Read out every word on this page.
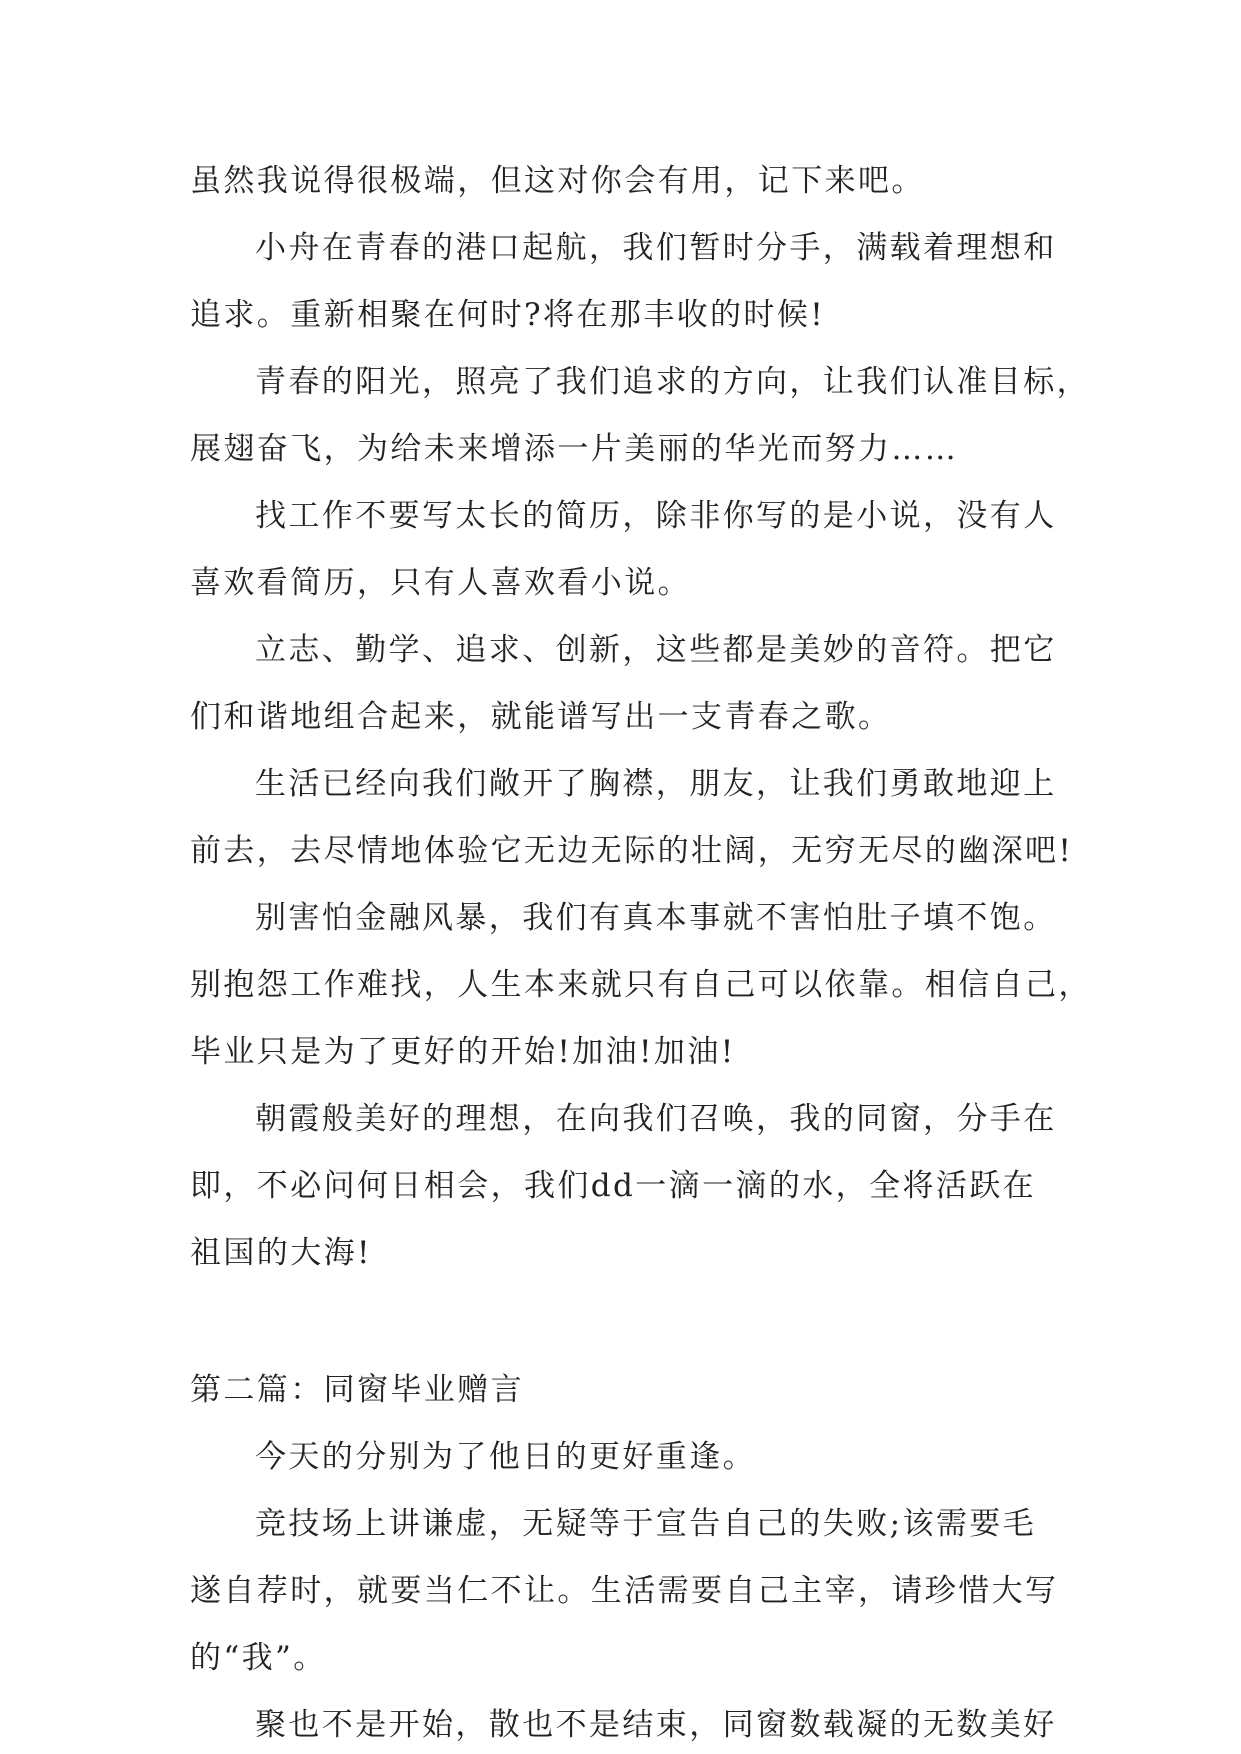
虽然我说得很极端，但这对你会有用，记下来吧。

小舟在青春的港口起航，我们暂时分手，满载着理想和

追求。重新相聚在何时?将在那丰收的时候!

青春的阳光，照亮了我们追求的方向，让我们认准目标，

展翅奋飞，为给未来增添一片美丽的华光而努力……

找工作不要写太长的简历，除非你写的是小说，没有人

喜欢看简历，只有人喜欢看小说。

立志、勤学、追求、创新，这些都是美妙的音符。把它

们和谐地组合起来，就能谱写出一支青春之歌。

生活已经向我们敞开了胸襟，朋友，让我们勇敢地迎上

前去，去尽情地体验它无边无际的壮阔，无穷无尽的幽深吧!

别害怕金融风暴，我们有真本事就不害怕肚子填不饱。

别抱怨工作难找，人生本来就只有自己可以依靠。相信自己，

毕业只是为了更好的开始!加油!加油!

朝霞般美好的理想，在向我们召唤，我的同窗，分手在

即，不必问何日相会，我们dd一滴一滴的水，全将活跃在

祖国的大海!

第二篇：同窗毕业赠言

今天的分别为了他日的更好重逢。

竞技场上讲谦虚，无疑等于宣告自己的失败;该需要毛

遂自荐时，就要当仁不让。生活需要自己主宰，请珍惜大写

的“我”。

聚也不是开始，散也不是结束，同窗数载凝的无数美好
